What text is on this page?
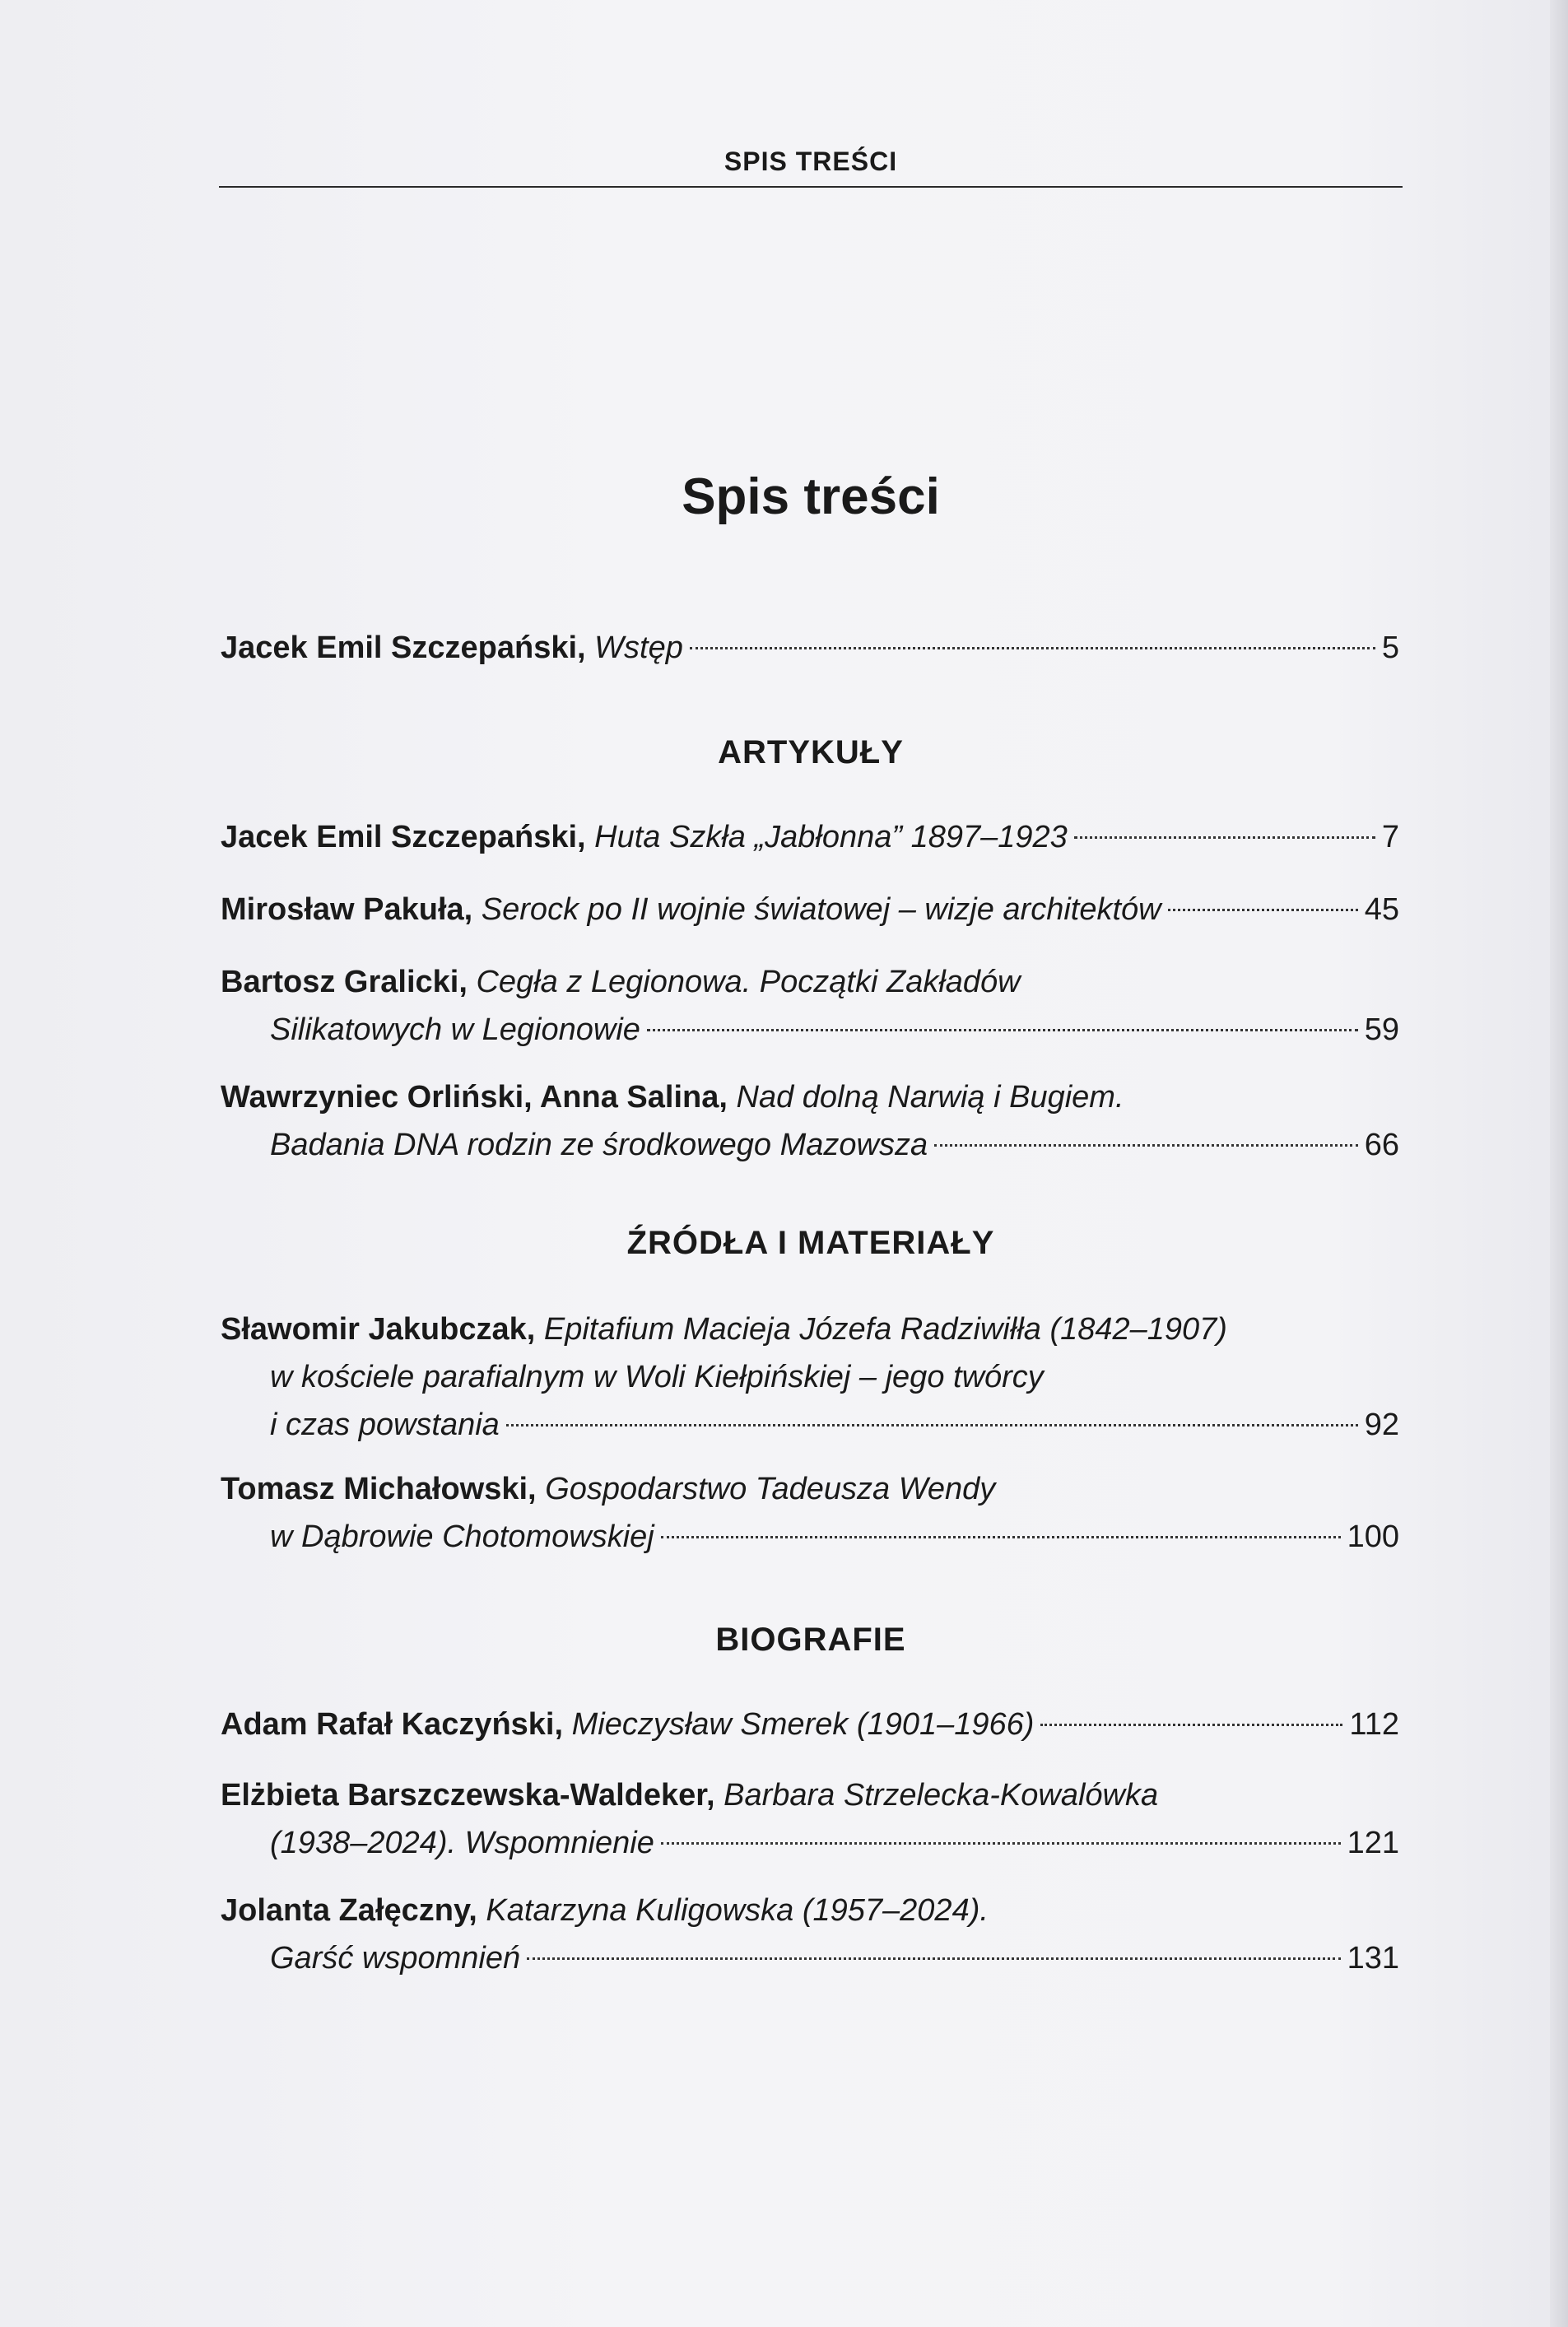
SPIS TREŚCI
Spis treści
Jacek Emil Szczepański,
Wstęp	5
ARTYKUŁY
Jacek Emil Szczepański,
Huta Szkła „Jabłonna” 1897–1923	7
Mirosław Pakuła,
Serock po II wojnie światowej – wizje architektów	45
Bartosz Gralicki,
Cegła z Legionowa. Początki Zakładów
Silikatowych w Legionowie	59
Wawrzyniec Orliński, Anna Salina,
Nad dolną Narwią i Bugiem.
Badania DNA rodzin ze środkowego Mazowsza	66
ŹRÓDŁA I MATERIAŁY
Sławomir Jakubczak,
Epitafium Macieja Józefa Radziwiłła (1842–1907)
w kościele parafialnym w Woli Kiełpińskiej – jego twórcy
i czas powstania	92
Tomasz Michałowski,
Gospodarstwo Tadeusza Wendy
w Dąbrowie Chotomowskiej	100
BIOGRAFIE
Adam Rafał Kaczyński,
Mieczysław Smerek (1901–1966)	112
Elżbieta Barszczewska-Waldeker,
Barbara Strzelecka-Kowalówka
(1938–2024). Wspomnienie	121
Jolanta Załęczny,
Katarzyna Kuligowska (1957–2024).
Garść wspomnień	131
